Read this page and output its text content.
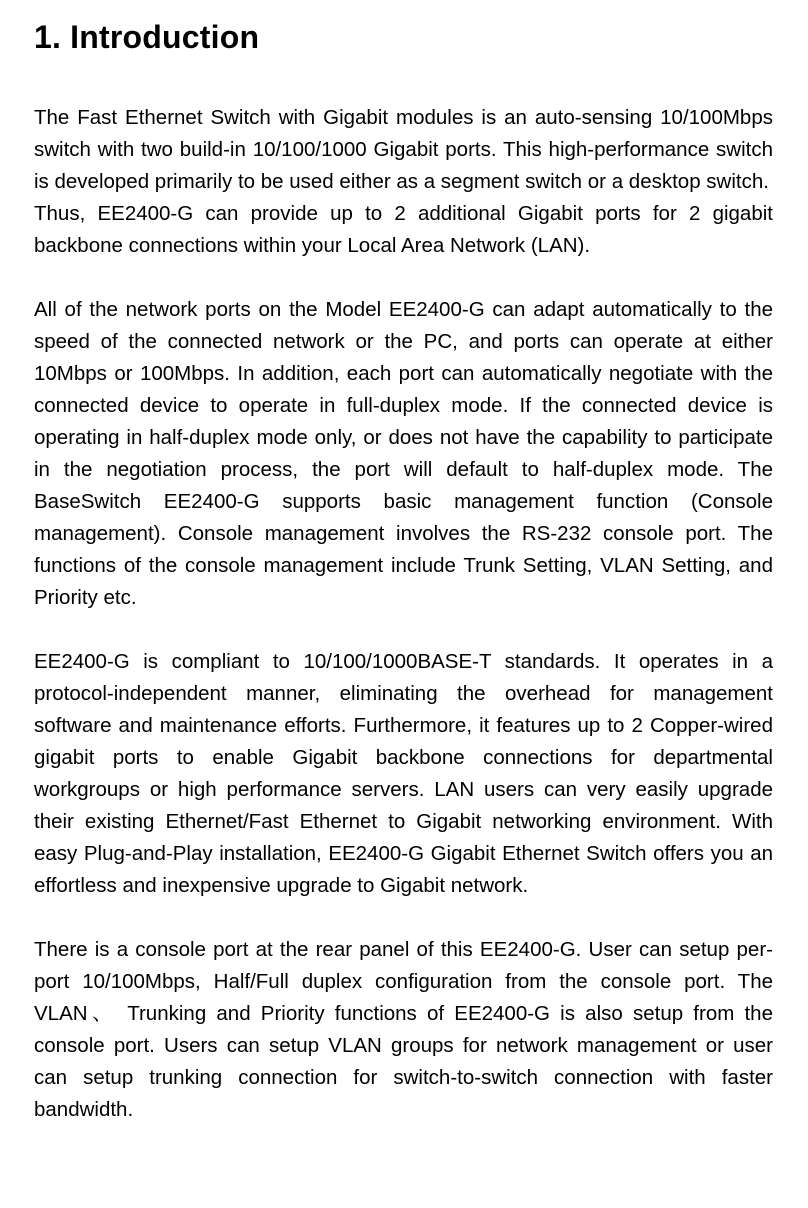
1. Introduction

The Fast Ethernet Switch with Gigabit modules is an auto-sensing 10/100Mbps switch with two build-in 10/100/1000 Gigabit ports. This high-performance switch is developed primarily to be used either as a segment switch or a desktop switch.

Thus, EE2400-G can provide up to 2 additional Gigabit ports for 2 gigabit backbone connections within your Local Area Network (LAN).

All of the network ports on the Model EE2400-G can adapt automatically to the speed of the connected network or the PC, and ports can operate at either 10Mbps or 100Mbps. In addition, each port can automatically negotiate with the connected device to operate in full-duplex mode. If the connected device is operating in half-duplex mode only, or does not have the capability to participate in the negotiation process, the port will default to half-duplex mode. The BaseSwitch EE2400-G supports basic management function (Console management). Console management involves the RS-232 console port. The functions of the console management include Trunk Setting, VLAN Setting, and Priority etc.

EE2400-G is compliant to 10/100/1000BASE-T standards. It operates in a protocol-independent manner, eliminating the overhead for management software and maintenance efforts. Furthermore, it features up to 2 Copper-wired gigabit ports to enable Gigabit backbone connections for departmental workgroups or high performance servers. LAN users can very easily upgrade their existing Ethernet/Fast Ethernet to Gigabit networking environment. With easy Plug-and-Play installation, EE2400-G Gigabit Ethernet Switch offers you an effortless and inexpensive upgrade to Gigabit network.

There is a console port at the rear panel of this EE2400-G. User can setup per-port 10/100Mbps, Half/Full duplex configuration from the console port. The VLAN、 Trunking and Priority functions of EE2400-G is also setup from the console port. Users can setup VLAN groups for network management or user can setup trunking connection for switch-to-switch connection with faster bandwidth.
